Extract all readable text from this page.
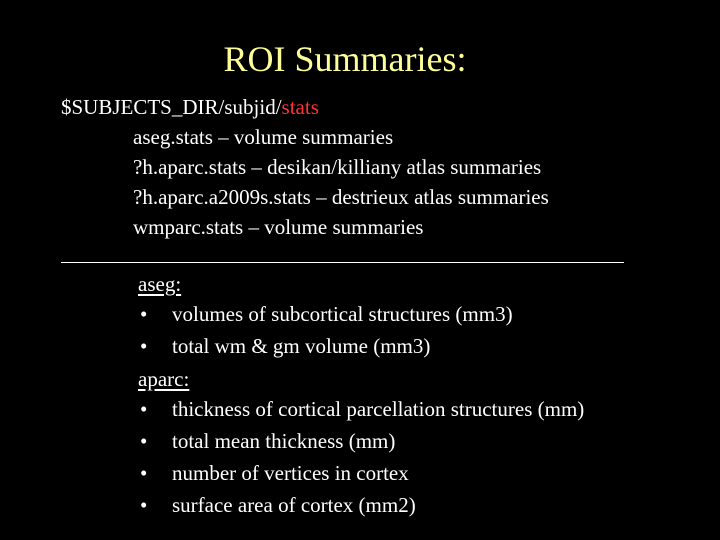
ROI Summaries:
$SUBJECTS_DIR/subjid/stats
aseg.stats – volume summaries
?h.aparc.stats – desikan/killiany atlas summaries
?h.aparc.a2009s.stats – destrieux atlas summaries
wmparc.stats – volume summaries
aseg:
•	volumes of subcortical structures (mm3)
•	total wm & gm volume (mm3)
aparc:
•	thickness of cortical parcellation structures (mm)
•	total mean thickness (mm)
•	number of vertices in cortex
•	surface area of cortex (mm2)
